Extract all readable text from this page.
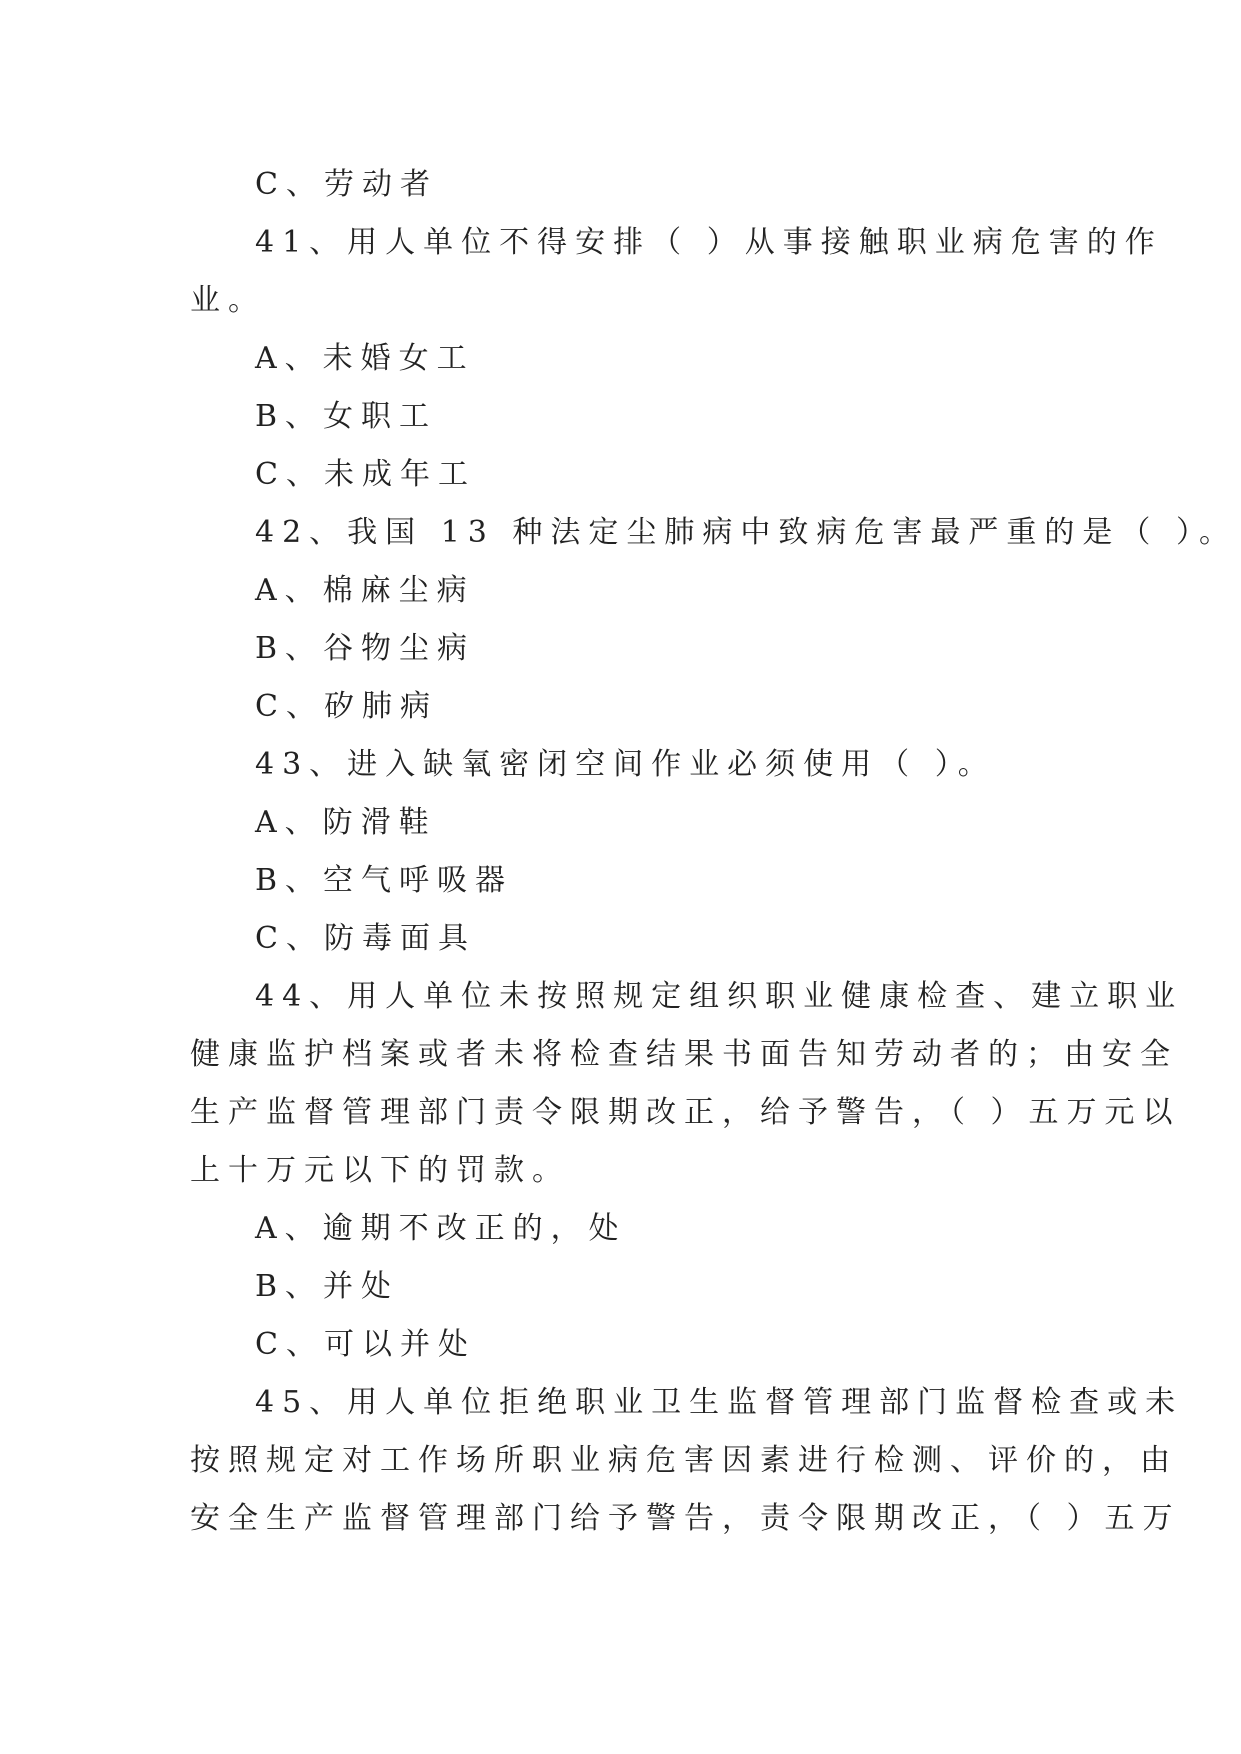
C、劳动者
41、用人单位不得安排（ ）从事接触职业病危害的作
业。
A、未婚女工
B、女职工
C、未成年工
42、我国 13 种法定尘肺病中致病危害最严重的是（ ）。
A、棉麻尘病
B、谷物尘病
C、矽肺病
43、进入缺氧密闭空间作业必须使用（ ）。
A、防滑鞋
B、空气呼吸器
C、防毒面具
44、用人单位未按照规定组织职业健康检查、建立职业
健康监护档案或者未将检查结果书面告知劳动者的；由安全
生产监督管理部门责令限期改正，给予警告，（ ）五万元以
上十万元以下的罚款。
A、逾期不改正的，处
B、并处
C、可以并处
45、用人单位拒绝职业卫生监督管理部门监督检查或未
按照规定对工作场所职业病危害因素进行检测、评价的，由
安全生产监督管理部门给予警告，责令限期改正，（ ）五万
